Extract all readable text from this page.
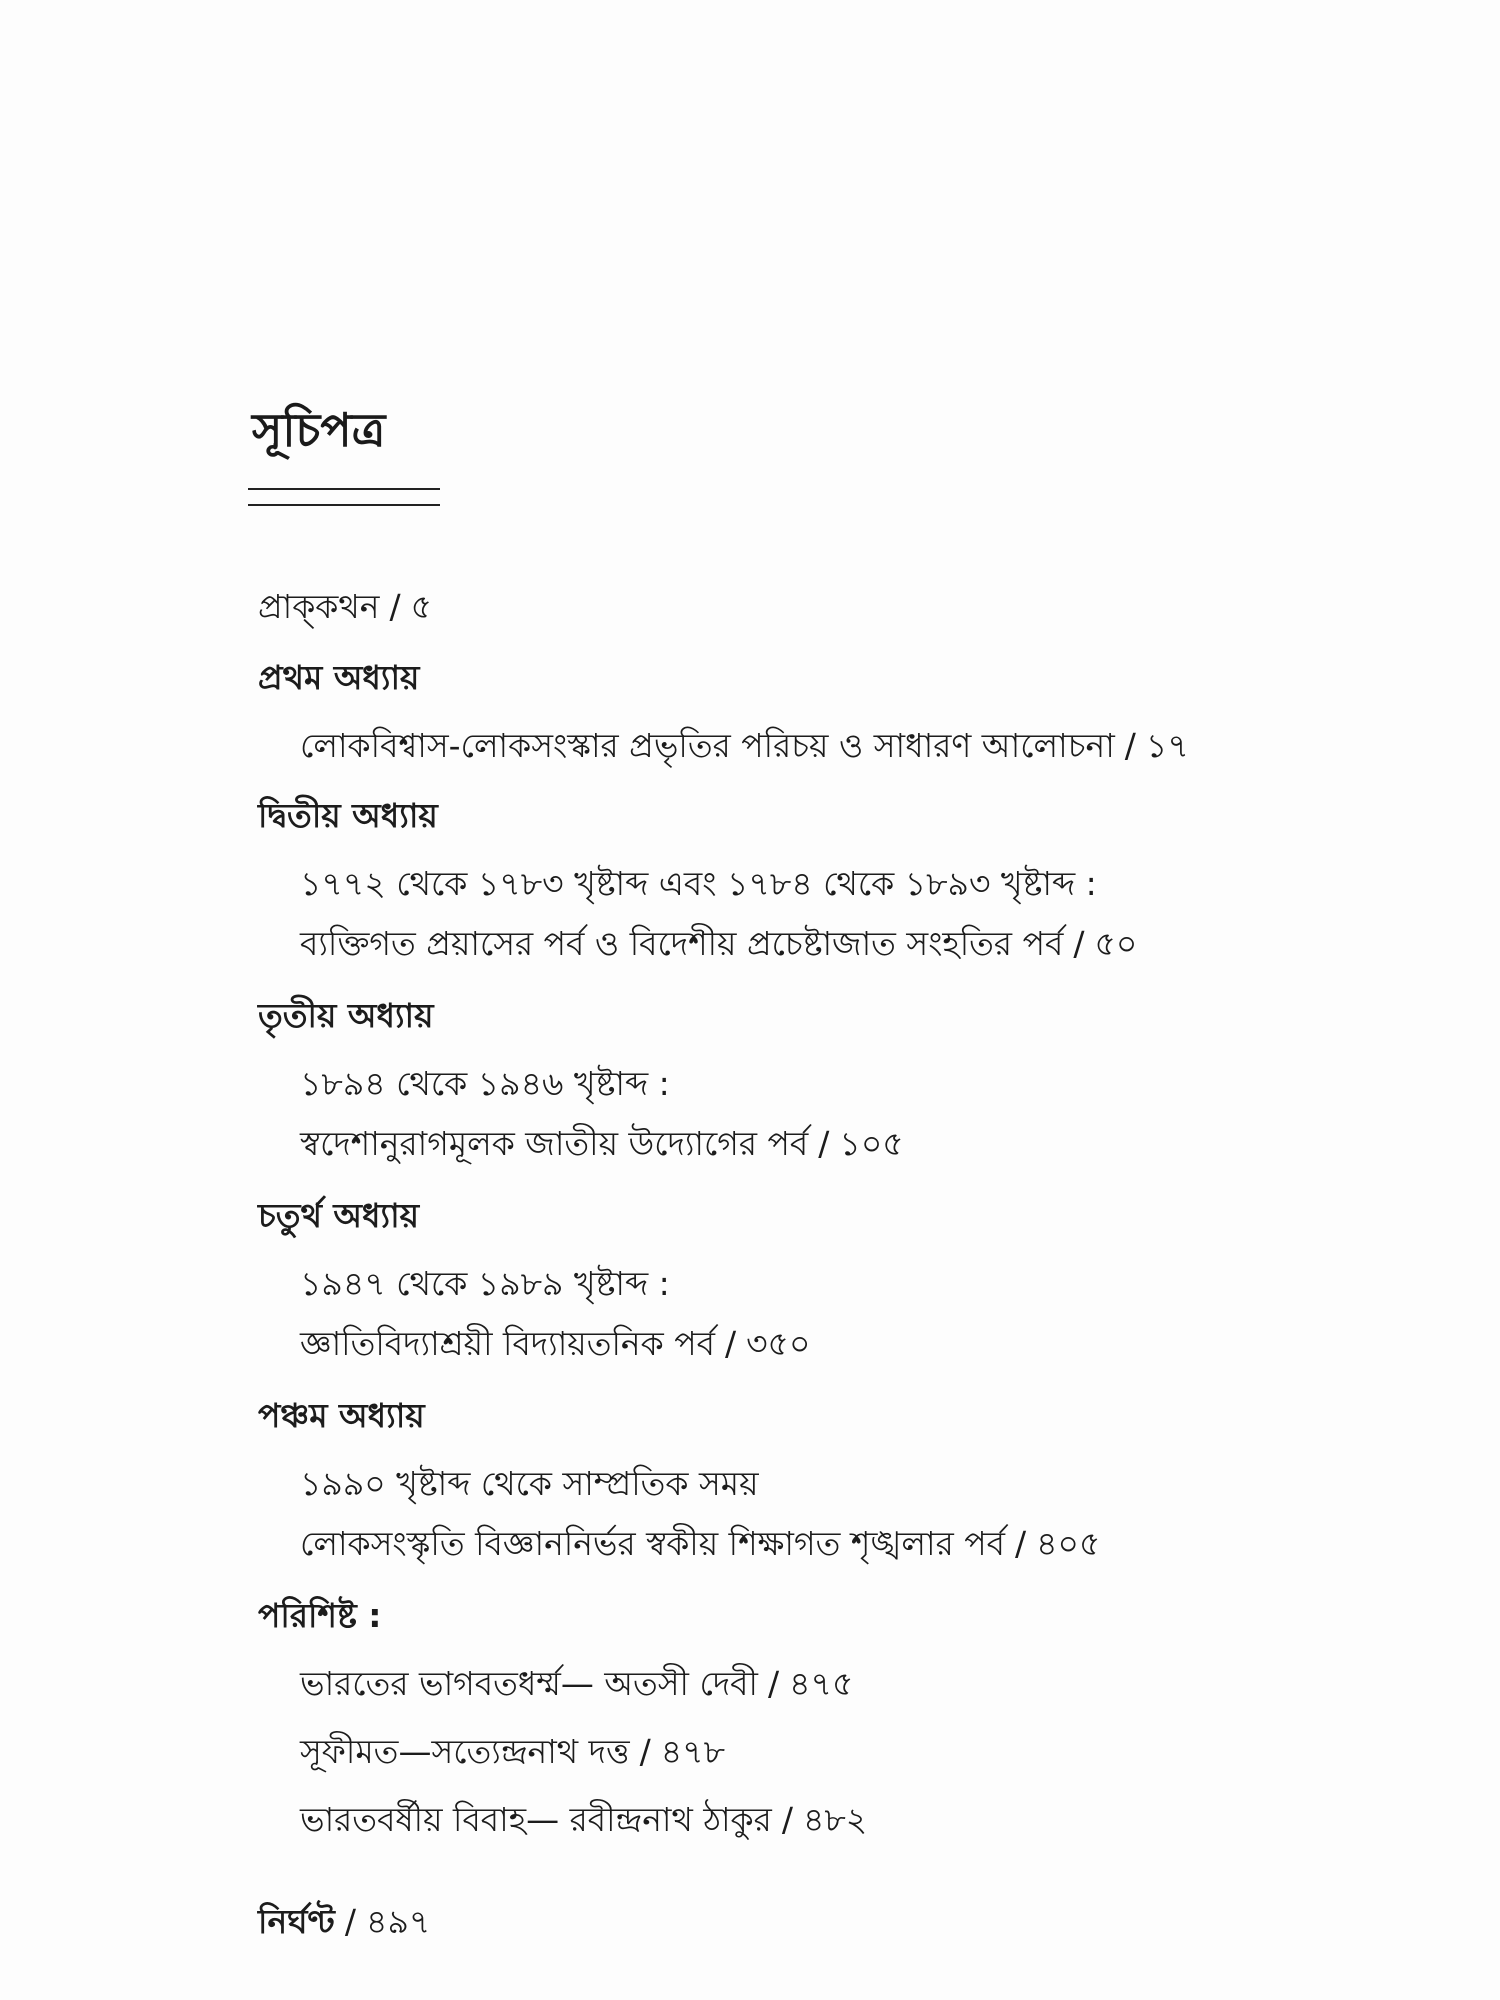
সূচিপত্র
প্রাক্‌কথন / ৫
প্রথম অধ্যায়
লোকবিশ্বাস-লোকসংস্কার প্রভৃতির পরিচয় ও সাধারণ আলোচনা / ১৭
দ্বিতীয় অধ্যায়
১৭৭২ থেকে ১৭৮৩ খৃষ্টাব্দ এবং ১৭৮৪ থেকে ১৮৯৩ খৃষ্টাব্দ :
ব্যক্তিগত প্রয়াসের পর্ব ও বিদেশীয় প্রচেষ্টাজাত সংহতির পর্ব / ৫০
তৃতীয় অধ্যায়
১৮৯৪ থেকে ১৯৪৬ খৃষ্টাব্দ :
স্বদেশানুরাগমূলক জাতীয় উদ্যোগের পর্ব / ১০৫
চতুর্থ অধ্যায়
১৯৪৭ থেকে ১৯৮৯ খৃষ্টাব্দ :
জ্ঞাতিবিদ্যাশ্রয়ী বিদ্যায়তনিক পর্ব / ৩৫০
পঞ্চম অধ্যায়
১৯৯০ খৃষ্টাব্দ থেকে সাম্প্রতিক সময়
লোকসংস্কৃতি বিজ্ঞাননির্ভর স্বকীয় শিক্ষাগত শৃঙ্খলার পর্ব / ৪০৫
পরিশিষ্ট :
ভারতের ভাগবতধর্ম্ম— অতসী দেবী / ৪৭৫
সূফীমত—সত্যেন্দ্রনাথ দত্ত / ৪৭৮
ভারতবর্ষীয় বিবাহ— রবীন্দ্রনাথ ঠাকুর / ৪৮২
নির্ঘণ্ট / ৪৯৭
